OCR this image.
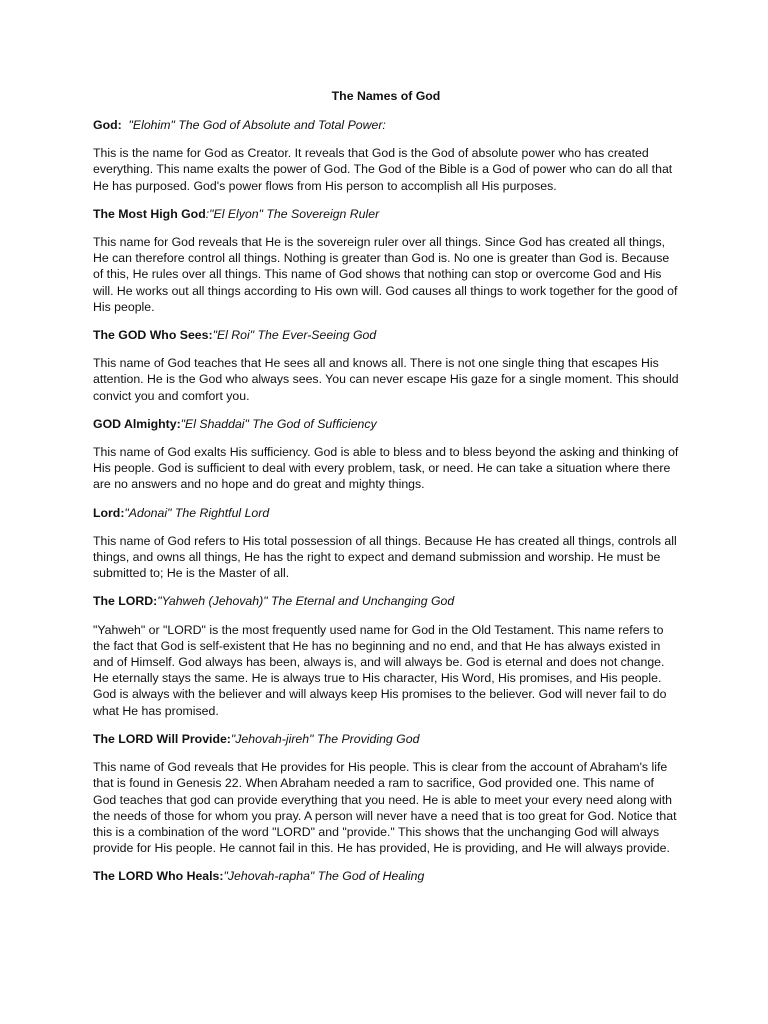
The Names of God
God: "Elohim" The God of Absolute and Total Power:
This is the name for God as Creator. It reveals that God is the God of absolute power who has created everything. This name exalts the power of God. The God of the Bible is a God of power who can do all that He has purposed. God's power flows from His person to accomplish all His purposes.
The Most High God:"El Elyon" The Sovereign Ruler
This name for God reveals that He is the sovereign ruler over all things. Since God has created all things, He can therefore control all things. Nothing is greater than God is. No one is greater than God is. Because of this, He rules over all things. This name of God shows that nothing can stop or overcome God and His will. He works out all things according to His own will. God causes all things to work together for the good of His people.
The GOD Who Sees:"El Roi" The Ever-Seeing God
This name of God teaches that He sees all and knows all. There is not one single thing that escapes His attention. He is the God who always sees. You can never escape His gaze for a single moment. This should convict you and comfort you.
GOD Almighty:"El Shaddai" The God of Sufficiency
This name of God exalts His sufficiency. God is able to bless and to bless beyond the asking and thinking of His people. God is sufficient to deal with every problem, task, or need. He can take a situation where there are no answers and no hope and do great and mighty things.
Lord:"Adonai" The Rightful Lord
This name of God refers to His total possession of all things. Because He has created all things, controls all things, and owns all things, He has the right to expect and demand submission and worship. He must be submitted to; He is the Master of all.
The LORD:"Yahweh (Jehovah)" The Eternal and Unchanging God
"Yahweh" or "LORD" is the most frequently used name for God in the Old Testament. This name refers to the fact that God is self-existent that He has no beginning and no end, and that He has always existed in and of Himself. God always has been, always is, and will always be. God is eternal and does not change. He eternally stays the same. He is always true to His character, His Word, His promises, and His people. God is always with the believer and will always keep His promises to the believer. God will never fail to do what He has promised.
The LORD Will Provide:"Jehovah-jireh" The Providing God
This name of God reveals that He provides for His people. This is clear from the account of Abraham's life that is found in Genesis 22. When Abraham needed a ram to sacrifice, God provided one. This name of God teaches that god can provide everything that you need. He is able to meet your every need along with the needs of those for whom you pray. A person will never have a need that is too great for God. Notice that this is a combination of the word "LORD" and "provide." This shows that the unchanging God will always provide for His people. He cannot fail in this. He has provided, He is providing, and He will always provide.
The LORD Who Heals:"Jehovah-rapha" The God of Healing
